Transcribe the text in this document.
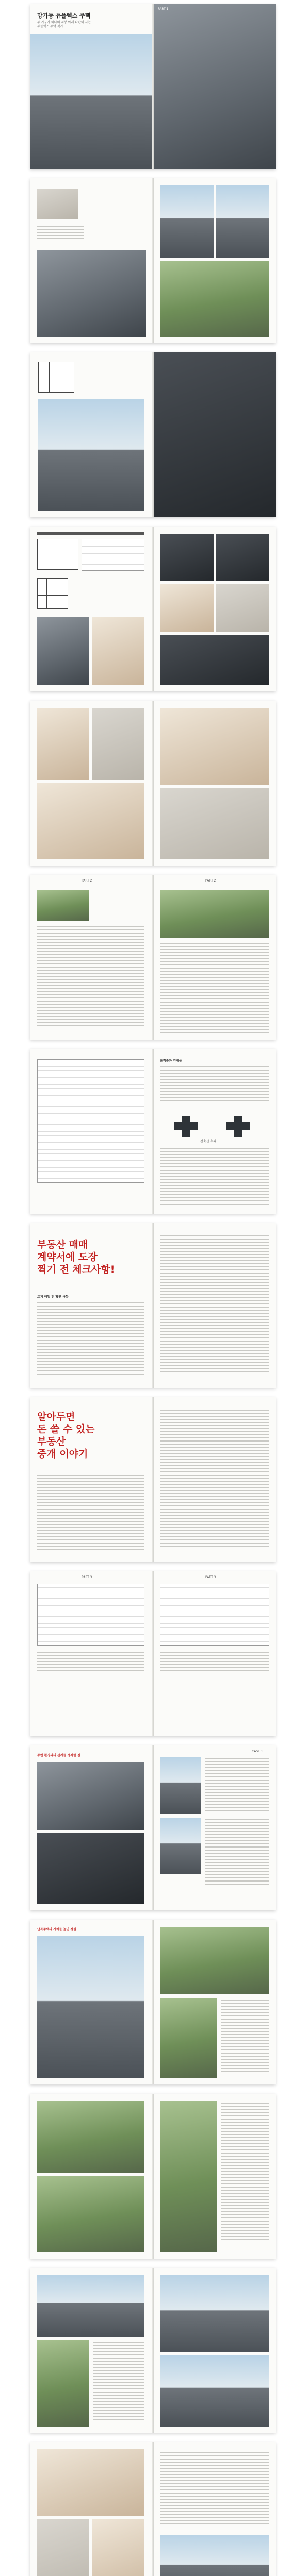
망가동 듀플렉스 주택
두 가구가 하나의 지붕 아래 나란히 사는
듀플렉스 주택 짓기
PART 1
PART 2	PART 2
용적률과 건폐율
건축선 후퇴
부동산 매매
계약서에 도장
찍기 전 체크사항!
토지 매입 전 확인 사항
알아두면
돈 쓸 수 있는
부동산
중개 이야기
PART 3	PART 3
주변 환경과의 관계를 생각한 집
CASE 1
단독주택의 가치를 높인 정원
